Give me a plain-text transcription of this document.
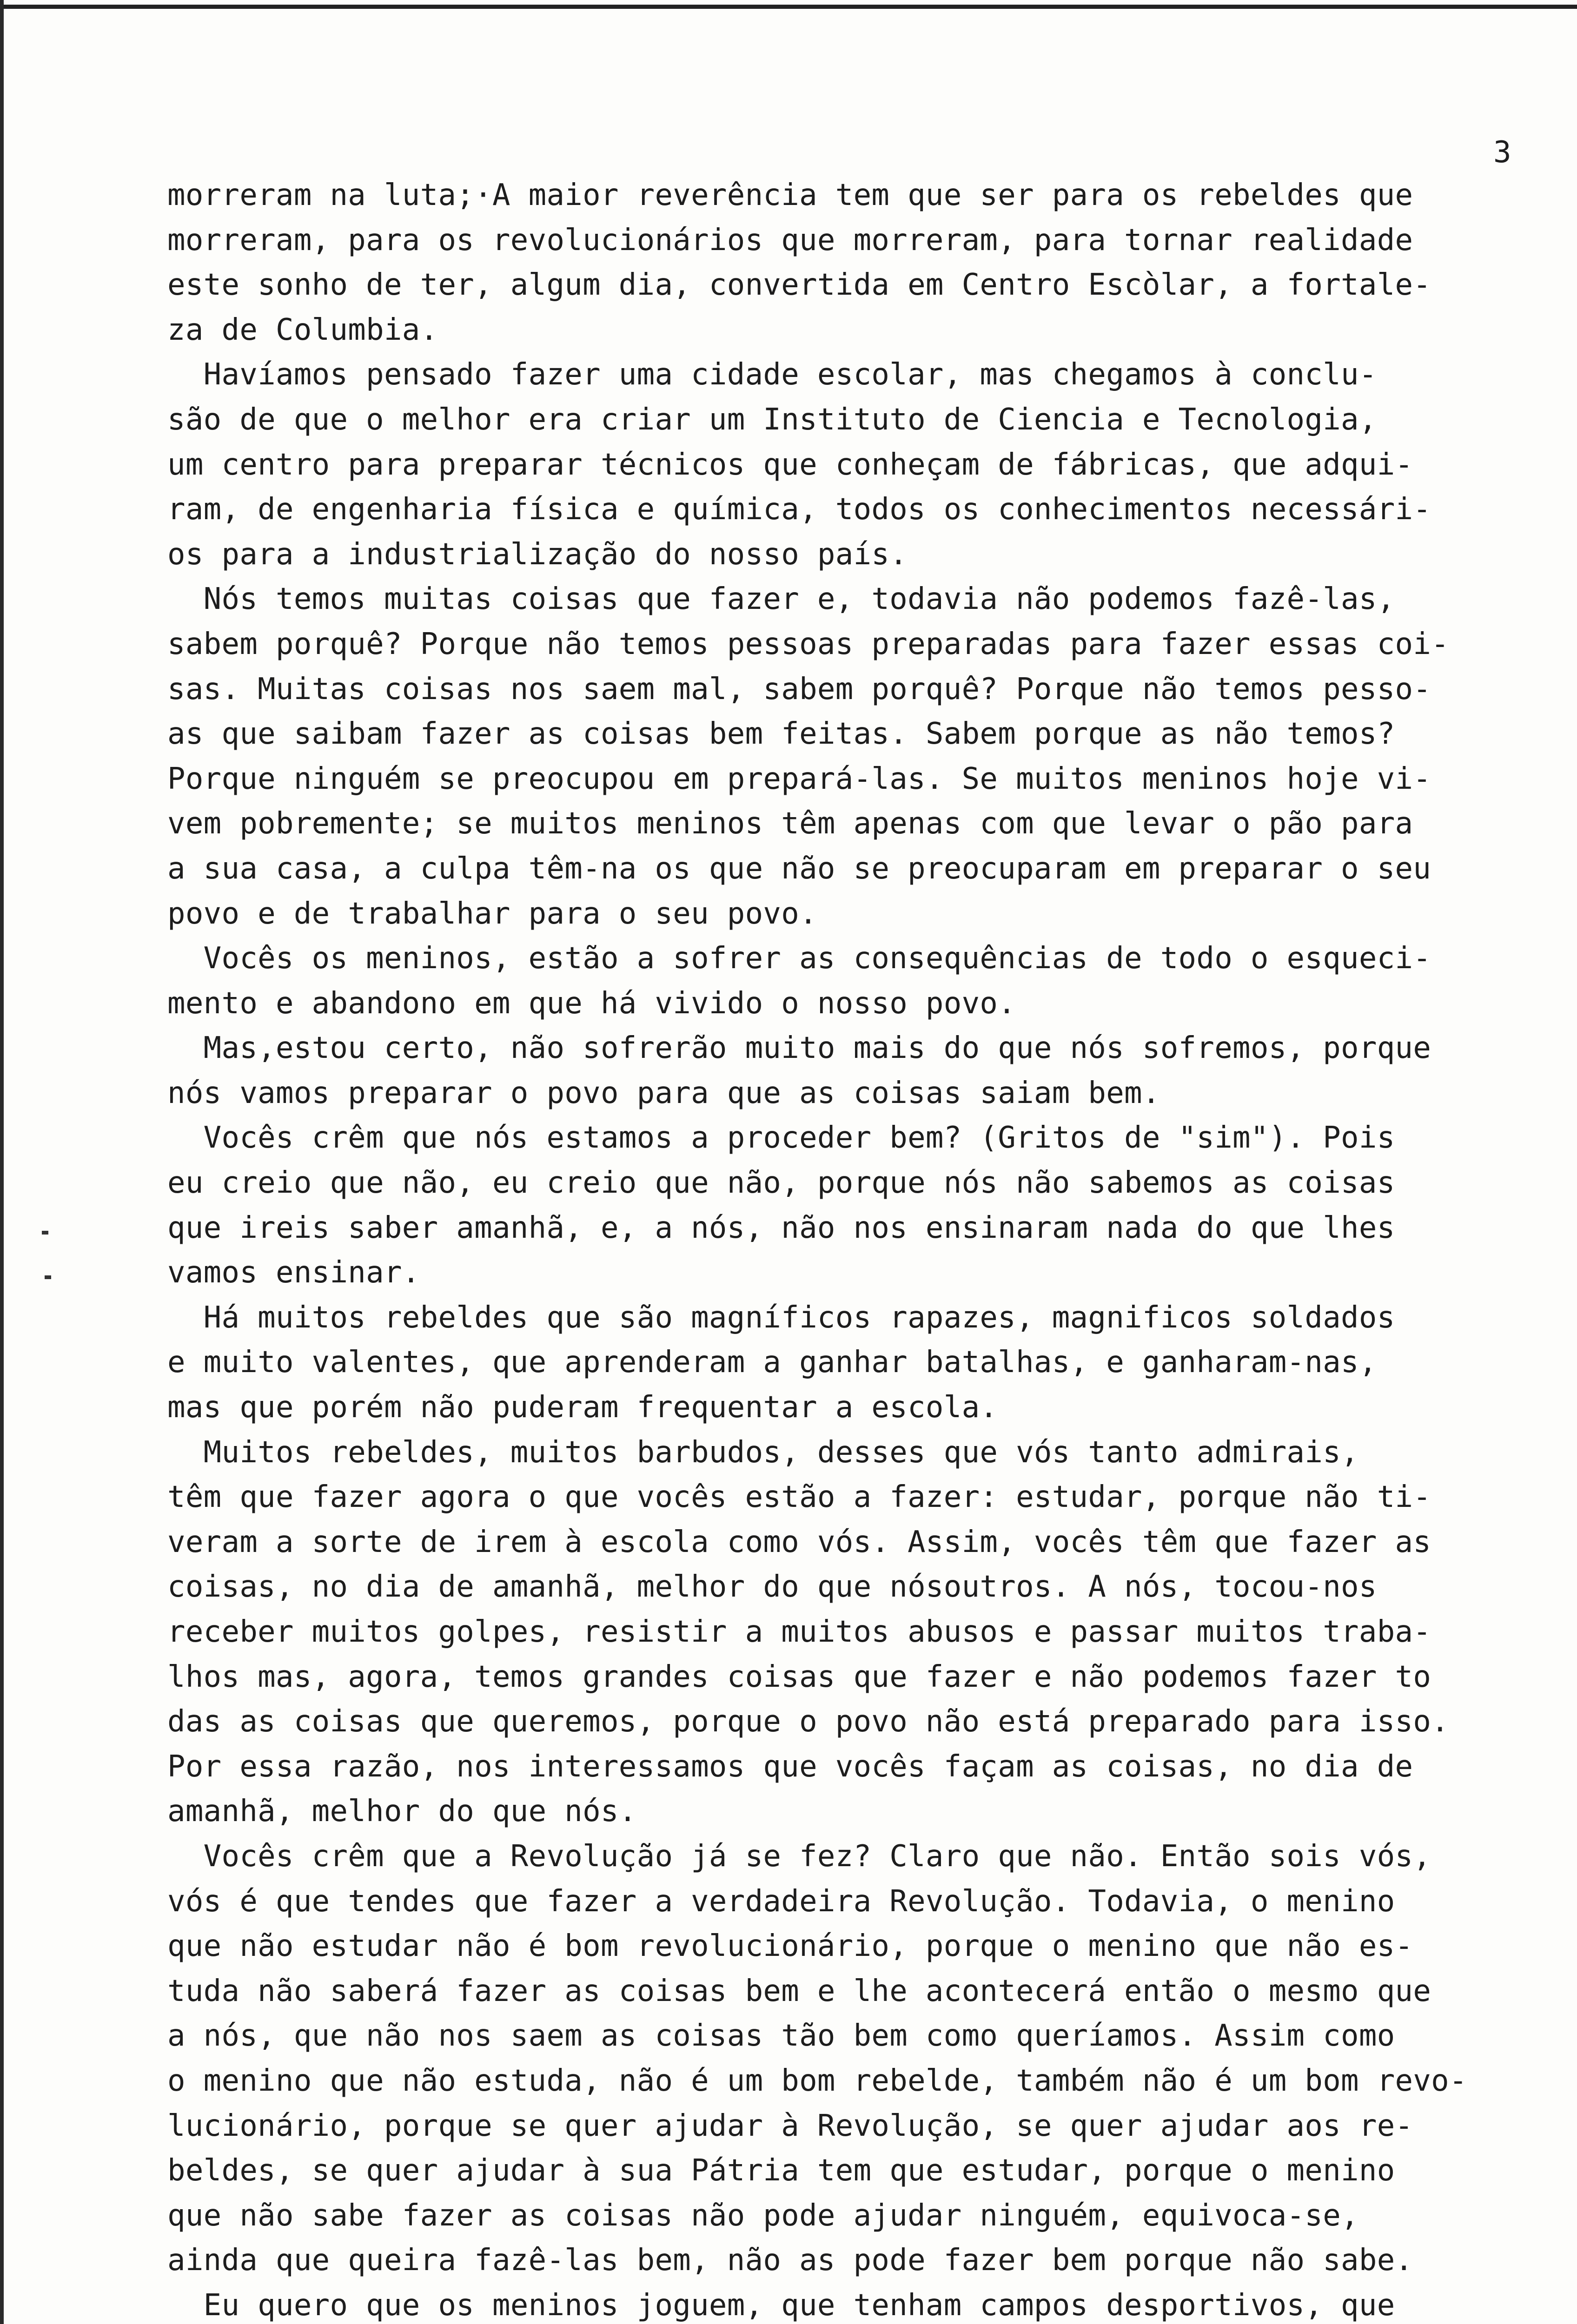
3
morreram na luta;·A maior reverência tem que ser para os rebeldes que
morreram, para os revolucionários que morreram, para tornar realidade
este sonho de ter, algum dia, convertida em Centro Escòlar, a fortale-
za de Columbia.
Havíamos pensado fazer uma cidade escolar, mas chegamos à conclu-
são de que o melhor era criar um Instituto de Ciencia e Tecnologia,
um centro para preparar técnicos que conheçam de fábricas, que adqui-
ram, de engenharia física e química, todos os conhecimentos necessári-
os para a industrialização do nosso país.
Nós temos muitas coisas que fazer e, todavia não podemos fazê-las,
sabem porquê? Porque não temos pessoas preparadas para fazer essas coi-
sas. Muitas coisas nos saem mal, sabem porquê? Porque não temos pesso-
as que saibam fazer as coisas bem feitas. Sabem porque as não temos?
Porque ninguém se preocupou em prepará-las. Se muitos meninos hoje vi-
vem pobremente; se muitos meninos têm apenas com que levar o pão para
a sua casa, a culpa têm-na os que não se preocuparam em preparar o seu
povo e de trabalhar para o seu povo.
Vocês os meninos, estão a sofrer as consequências de todo o esqueci-
mento e abandono em que há vivido o nosso povo.
Mas,estou certo, não sofrerão muito mais do que nós sofremos, porque
nós vamos preparar o povo para que as coisas saiam bem.
Vocês crêm que nós estamos a proceder bem? (Gritos de "sim"). Pois
eu creio que não, eu creio que não, porque nós não sabemos as coisas
que ireis saber amanhã, e, a nós, não nos ensinaram nada do que lhes
vamos ensinar.
Há muitos rebeldes que são magníficos rapazes, magnificos soldados
e muito valentes, que aprenderam a ganhar batalhas, e ganharam-nas,
mas que porém não puderam frequentar a escola.
Muitos rebeldes, muitos barbudos, desses que vós tanto admirais,
têm que fazer agora o que vocês estão a fazer: estudar, porque não ti-
veram a sorte de irem à escola como vós. Assim, vocês têm que fazer as
coisas, no dia de amanhã, melhor do que nósoutros. A nós, tocou-nos
receber muitos golpes, resistir a muitos abusos e passar muitos traba-
lhos mas, agora, temos grandes coisas que fazer e não podemos fazer to
das as coisas que queremos, porque o povo não está preparado para isso.
Por essa razão, nos interessamos que vocês façam as coisas, no dia de
amanhã, melhor do que nós.
Vocês crêm que a Revolução já se fez? Claro que não. Então sois vós,
vós é que tendes que fazer a verdadeira Revolução. Todavia, o menino
que não estudar não é bom revolucionário, porque o menino que não es-
tuda não saberá fazer as coisas bem e lhe acontecerá então o mesmo que
a nós, que não nos saem as coisas tão bem como queríamos. Assim como
o menino que não estuda, não é um bom rebelde, também não é um bom revo-
lucionário, porque se quer ajudar à Revolução, se quer ajudar aos re-
beldes, se quer ajudar à sua Pátria tem que estudar, porque o menino
que não sabe fazer as coisas não pode ajudar ninguém, equivoca-se,
ainda que queira fazê-las bem, não as pode fazer bem porque não sabe.
Eu quero que os meninos joguem, que tenham campos desportivos, que
